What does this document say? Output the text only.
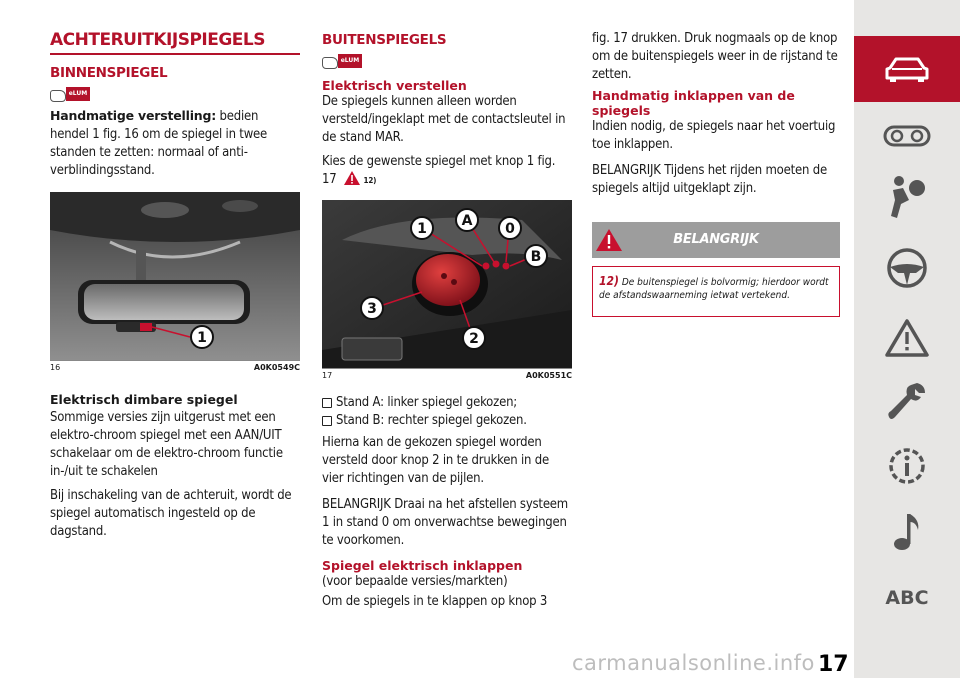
ACHTERUITKIJSPIEGELS
BINNENSPIEGEL
eLUM

Handmatige verstelling: bedien hendel 1 fig. 16 om de spiegel in twee standen te zetten: normaal of anti-verblindingsstand.

1
16	A0K0549C
Elektrisch dimbare spiegel

Sommige versies zijn uitgerust met een elektro-chroom spiegel met een AAN/UIT schakelaar om de elektro-chroom functie in-/uit te schakelen

Bij inschakeling van de achteruit, wordt de spiegel automatisch ingesteld op de dagstand.

BUITENSPIEGELS
eLUM
Elektrisch verstellen

De spiegels kunnen alleen worden versteld/ingeklapt met de contactsleutel in de stand MAR.

Kies de gewenste spiegel met knop 1 fig. 17	12)

1	A	0
B
3
2
17	A0K0551C
Stand A: linker spiegel gekozen;
Stand B: rechter spiegel gekozen.

Hierna kan de gekozen spiegel worden versteld door knop 2 in te drukken in de vier richtingen van de pijlen.

BELANGRIJK Draai na het afstellen systeem 1 in stand 0 om onverwachtse bewegingen te voorkomen.

Spiegel elektrisch inklappen

(voor bepaalde versies/markten)

Om de spiegels in te klappen op knop 3

fig. 17 drukken. Druk nogmaals op de knop om de buitenspiegels weer in de rijstand te zetten.

Handmatig inklappen van de spiegels

Indien nodig, de spiegels naar het voertuig toe inklappen.

BELANGRIJK Tijdens het rijden moeten de spiegels altijd uitgeklapt zijn.

BELANGRIJK
12) De buitenspiegel is bolvormig; hierdoor wordt de afstandswaarneming ietwat vertekend.
ABC
carmanualsonline.info 17
